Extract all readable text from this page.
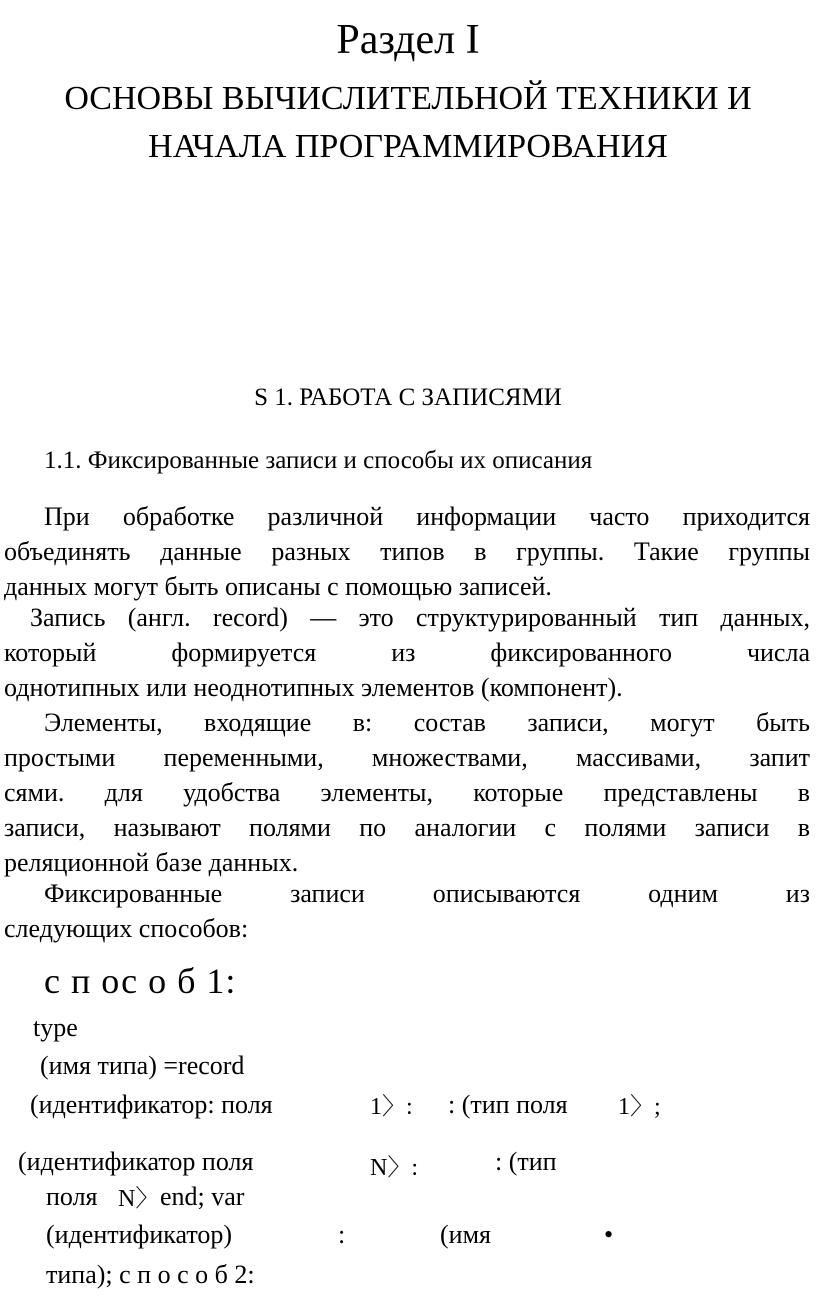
Раздел I
ОСНОВЫ ВЫЧИСЛИТЕЛЬНОЙ ТЕХНИКИ И
НАЧАЛА ПРОГРАММИРОВАНИЯ
S 1. РАБОТА С ЗАПИСЯМИ
1.1. Фиксированные записи и способы их описания
При обработке различной информации часто приходится
объединять данные разных типов в группы. Такие группы
данных могут быть описаны с помощью записей.
Запись (англ. record) — это структурированный тип данных,
который формируется из фиксированного числа
однотипных или неоднотипных элементов (компонент).
Элементы, входящие в: состав записи, могут быть
простыми переменными, множествами, массивами, запит
сями. для удобства элементы, которые представлены в
записи, называют полями по аналогии с полями записи в
реляционной базе данных.
Фиксированные записи описываются одним из
следующих способов:
с п ос о б 1:
type
(имя типа) =record
(идентификатор: поля	1〉: : (тип поля 1〉;
(идентификатор поля	N〉:	: (тип
поля N〉 end; var
(идентификатор)	:	(имя	•
типа); с п о с о б 2:
